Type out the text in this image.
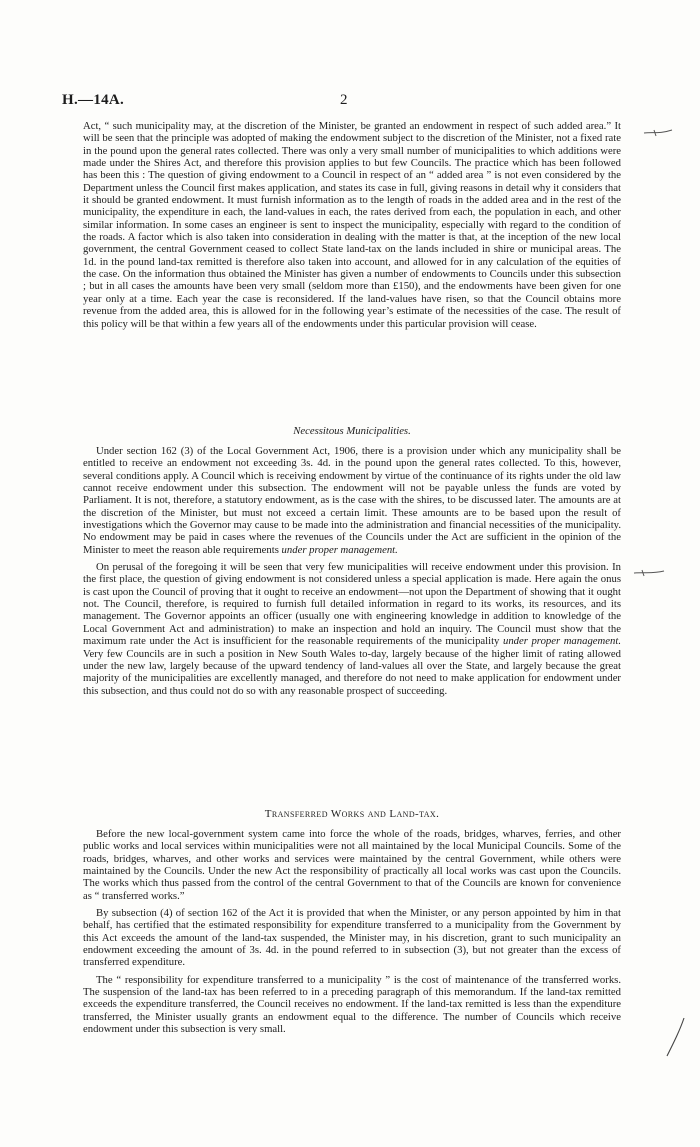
H.—14A.	2

Act, “ such municipality may, at the discretion of the Minister, be granted an endowment in respect of such added area.” It will be seen that the principle was adopted of making the endowment subject to the discretion of the Minister, not a fixed rate in the pound upon the general rates collected. There was only a very small number of municipalities to which additions were made under the Shires Act, and therefore this provision applies to but few Councils. The practice which has been followed has been this : The question of giving endowment to a Council in respect of an “ added area ” is not even considered by the Department unless the Council first makes application, and states its case in full, giving reasons in detail why it considers that it should be granted endowment. It must furnish information as to the length of roads in the added area and in the rest of the municipality, the expenditure in each, the land-values in each, the rates derived from each, the population in each, and other similar information. In some cases an engineer is sent to inspect the municipality, especially with regard to the condition of the roads. A factor which is also taken into consideration in dealing with the matter is that, at the inception of the new local government, the central Government ceased to collect State land-tax on the lands included in shire or municipal areas. The 1d. in the pound land-tax remitted is therefore also taken into account, and allowed for in any calculation of the equities of the case. On the information thus obtained the Minister has given a number of endowments to Councils under this subsection ; but in all cases the amounts have been very small (seldom more than £150), and the endowments have been given for one year only at a time. Each year the case is reconsidered. If the land-values have risen, so that the Council obtains more revenue from the added area, this is allowed for in the following year’s estimate of the necessities of the case. The result of this policy will be that within a few years all of the endowments under this particular provision will cease.

Necessitous Municipalities.

Under section 162 (3) of the Local Government Act, 1906, there is a provision under which any municipality shall be entitled to receive an endowment not exceeding 3s. 4d. in the pound upon the general rates collected. To this, however, several conditions apply. A Council which is receiving endowment by virtue of the continuance of its rights under the old law cannot receive endowment under this subsection. The endowment will not be payable unless the funds are voted by Parliament. It is not, therefore, a statutory endowment, as is the case with the shires, to be discussed later. The amounts are at the discretion of the Minister, but must not exceed a certain limit. These amounts are to be based upon the result of investigations which the Governor may cause to be made into the administration and financial necessities of the municipality. No endowment may be paid in cases where the revenues of the Councils under the Act are sufficient in the opinion of the Minister to meet the reason able requirements under proper management.

On perusal of the foregoing it will be seen that very few municipalities will receive endowment under this provision. In the first place, the question of giving endowment is not considered unless a special application is made. Here again the onus is cast upon the Council of proving that it ought to receive an endowment—not upon the Department of showing that it ought not. The Council, therefore, is required to furnish full detailed information in regard to its works, its resources, and its management. The Governor appoints an officer (usually one with engineering knowledge in addition to knowledge of the Local Government Act and administration) to make an inspection and hold an inquiry. The Council must show that the maximum rate under the Act is insufficient for the reasonable requirements of the municipality under proper management. Very few Councils are in such a position in New South Wales to-day, largely because of the higher limit of rating allowed under the new law, largely because of the upward tendency of land-values all over the State, and largely because the great majority of the municipalities are excellently managed, and therefore do not need to make application for endowment under this subsection, and thus could not do so with any reasonable prospect of succeeding.

Transferred Works and Land-tax.

Before the new local-government system came into force the whole of the roads, bridges, wharves, ferries, and other public works and local services within municipalities were not all maintained by the local Municipal Councils. Some of the roads, bridges, wharves, and other works and services were maintained by the central Government, while others were maintained by the Councils. Under the new Act the responsibility of practically all local works was cast upon the Councils. The works which thus passed from the control of the central Government to that of the Councils are known for convenience as “ transferred works.”

By subsection (4) of section 162 of the Act it is provided that when the Minister, or any person appointed by him in that behalf, has certified that the estimated responsibility for expenditure transferred to a municipality from the Government by this Act exceeds the amount of the land-tax suspended, the Minister may, in his discretion, grant to such municipality an endowment exceeding the amount of 3s. 4d. in the pound referred to in subsection (3), but not greater than the excess of transferred expenditure.

The “ responsibility for expenditure transferred to a municipality ” is the cost of maintenance of the transferred works. The suspension of the land-tax has been referred to in a preceding paragraph of this memorandum. If the land-tax remitted exceeds the expenditure transferred, the Council receives no endowment. If the land-tax remitted is less than the expenditure transferred, the Minister usually grants an endowment equal to the difference. The number of Councils which receive endowment under this subsection is very small.
